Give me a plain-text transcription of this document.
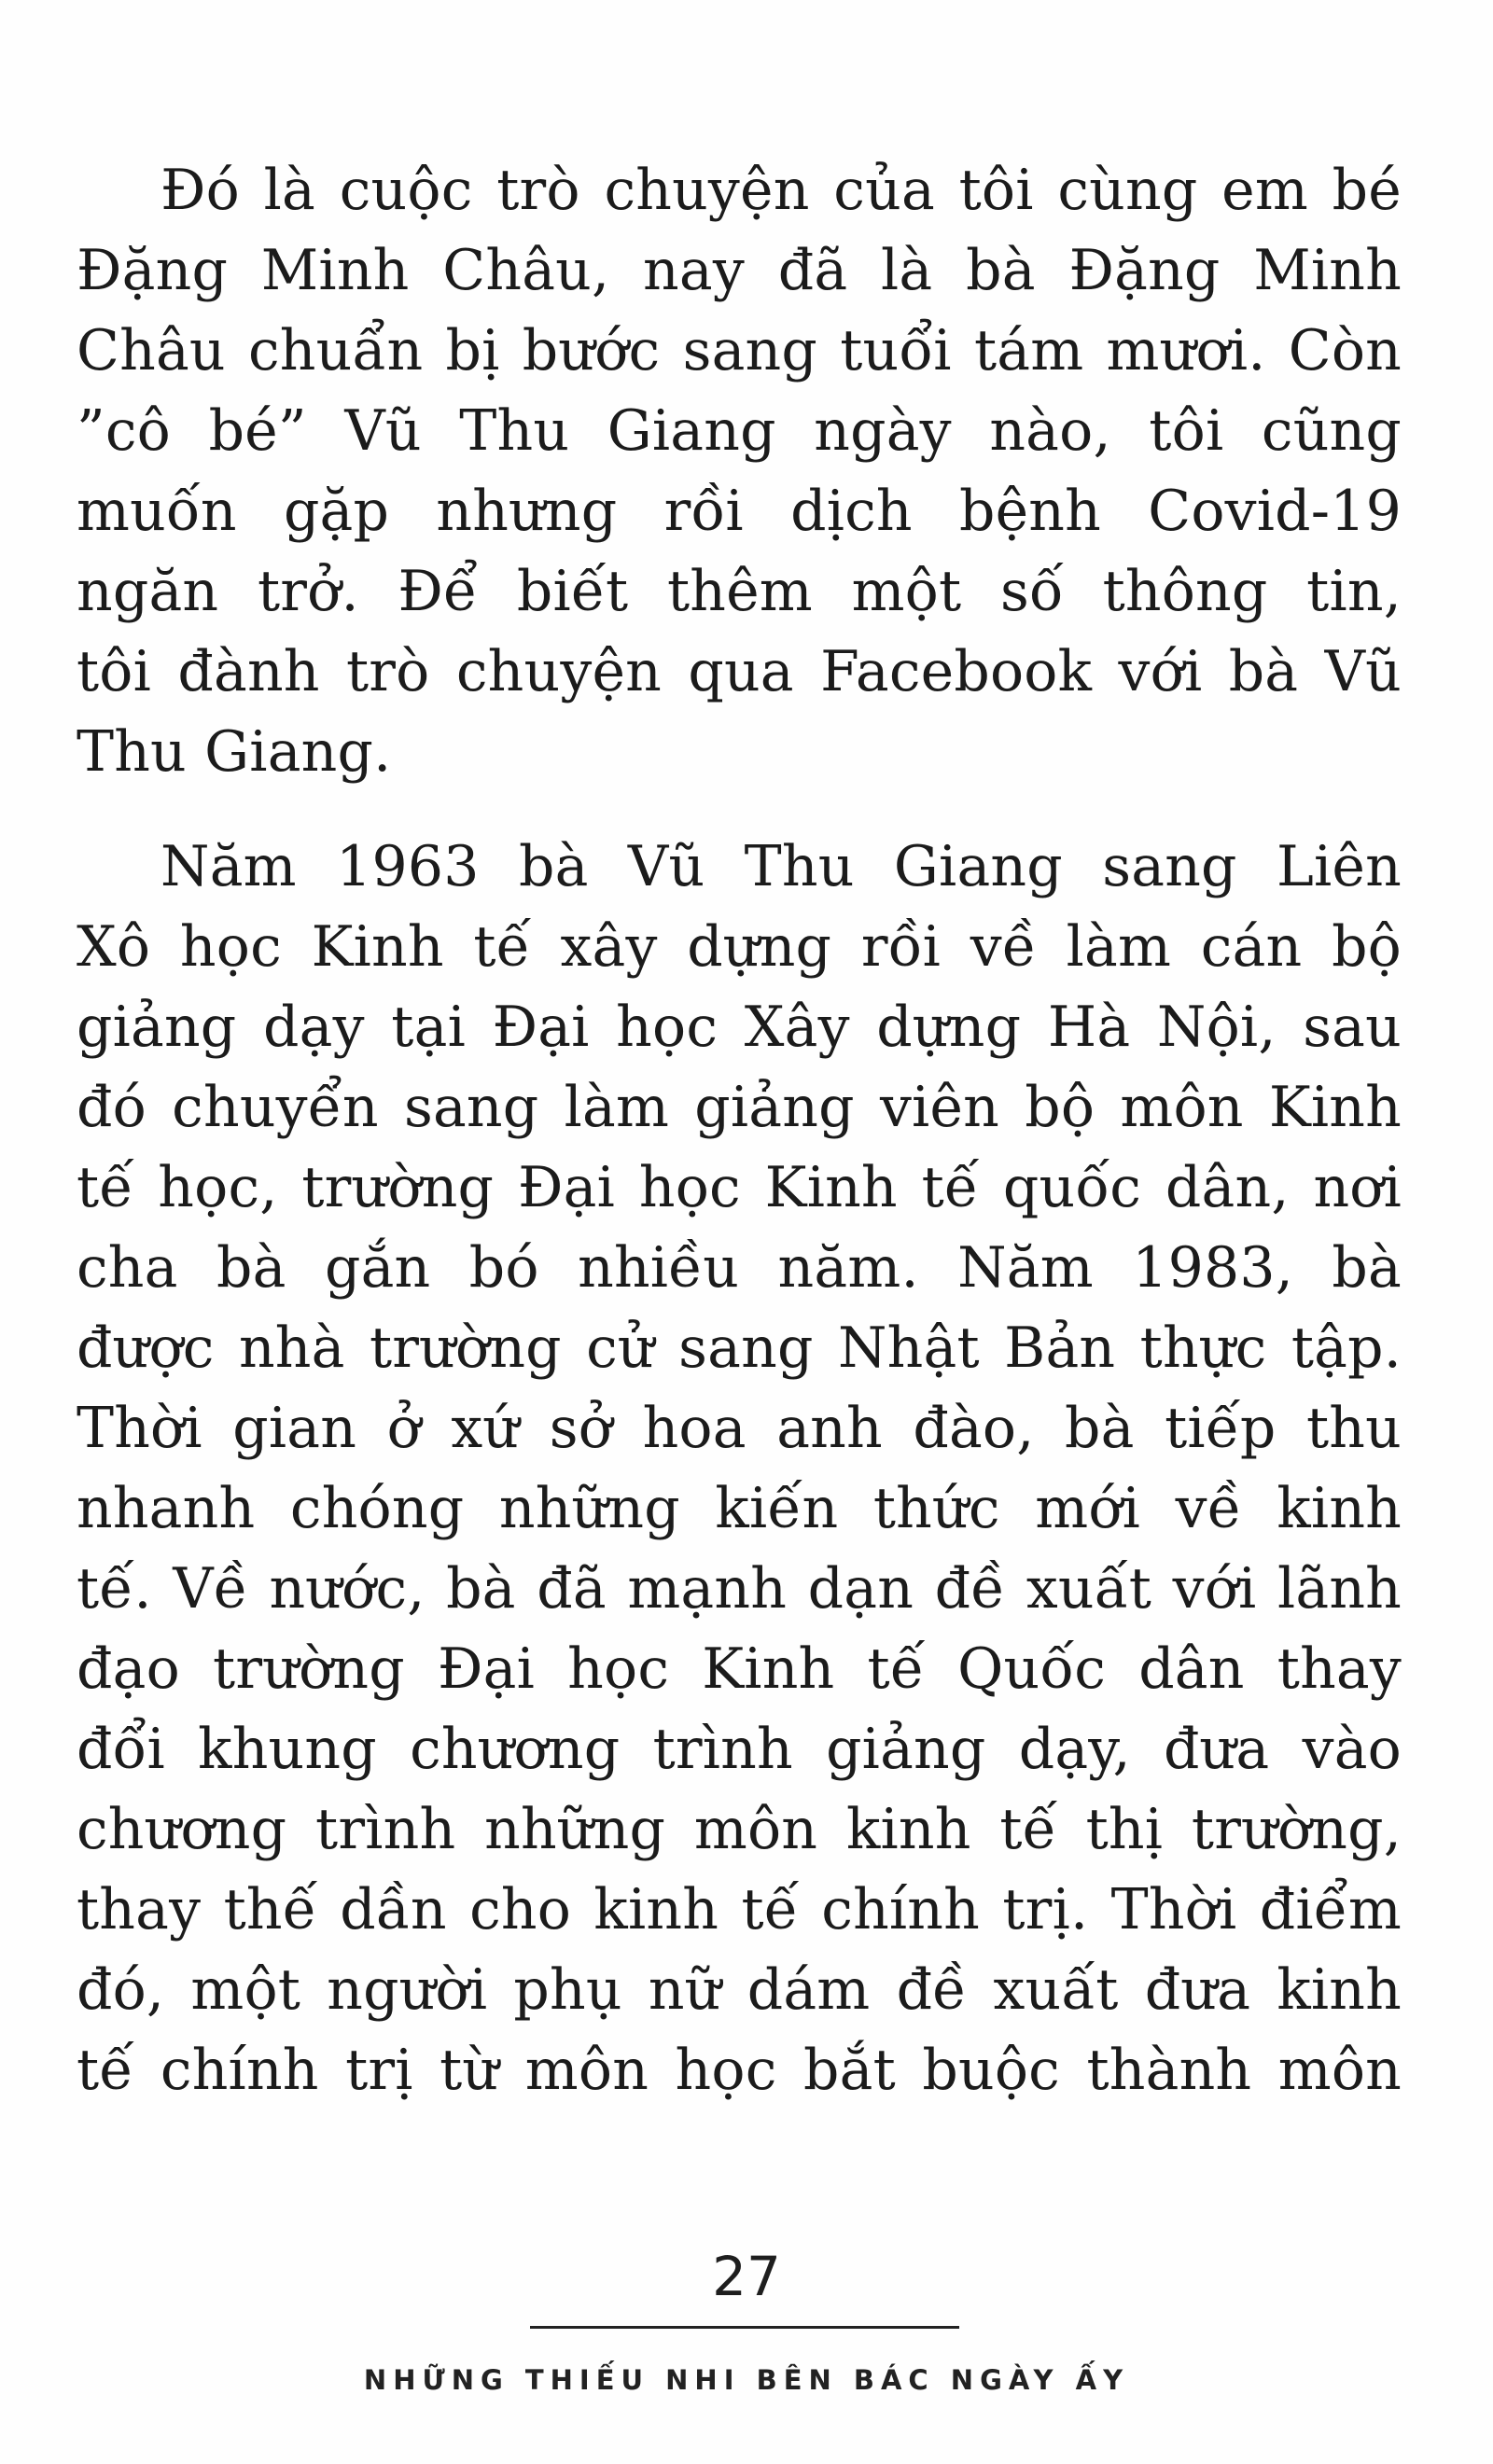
Đó là cuộc trò chuyện của tôi cùng em bé
Đặng Minh Châu, nay đã là bà Đặng Minh
Châu chuẩn bị bước sang tuổi tám mươi. Còn
”cô bé” Vũ Thu Giang ngày nào, tôi cũng
muốn gặp nhưng rồi dịch bệnh Covid-19
ngăn trở. Để biết thêm một số thông tin,
tôi đành trò chuyện qua Facebook với bà Vũ
Thu Giang.
Năm 1963 bà Vũ Thu Giang sang Liên
Xô học Kinh tế xây dựng rồi về làm cán bộ
giảng dạy tại Đại học Xây dựng Hà Nội, sau
đó chuyển sang làm giảng viên bộ môn Kinh
tế học, trường Đại học Kinh tế quốc dân, nơi
cha bà gắn bó nhiều năm. Năm 1983, bà
được nhà trường cử sang Nhật Bản thực tập.
Thời gian ở xứ sở hoa anh đào, bà tiếp thu
nhanh chóng những kiến thức mới về kinh
tế. Về nước, bà đã mạnh dạn đề xuất với lãnh
đạo trường Đại học Kinh tế Quốc dân thay
đổi khung chương trình giảng dạy, đưa vào
chương trình những môn kinh tế thị trường,
thay thế dần cho kinh tế chính trị. Thời điểm
đó, một người phụ nữ dám đề xuất đưa kinh
tế chính trị từ môn học bắt buộc thành môn
27
NHỮNG THIẾU NHI BÊN BÁC NGÀY ẤY
